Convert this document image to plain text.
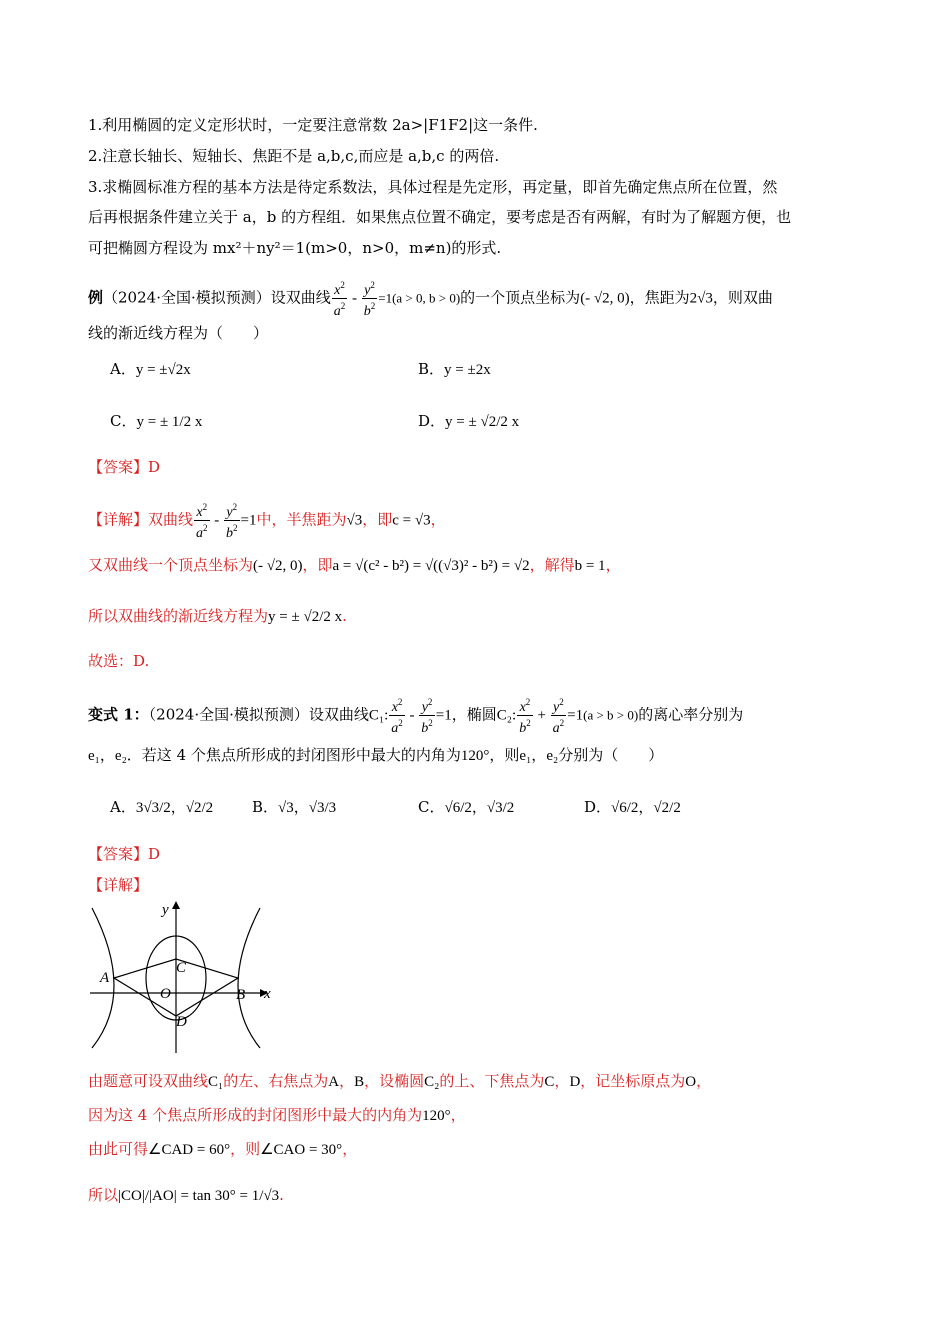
1.利用椭圆的定义定形状时，一定要注意常数 2a>|F1F2|这一条件.
2.注意长轴长、短轴长、焦距不是 a,b,c,而应是 a,b,c 的两倍.
3.求椭圆标准方程的基本方法是待定系数法，具体过程是先定形，再定量，即首先确定焦点所在位置，然
后再根据条件建立关于 a，b 的方程组．如果焦点位置不确定，要考虑是否有两解，有时为了解题方便，也
可把椭圆方程设为 mx²＋ny²＝1(m>0，n>0，m≠n)的形式.
例（2024·全国·模拟预测）设双曲线 $\frac{x^2}{a^2} - \frac{y^2}{b^2} =1(a > 0$, b > 0)的一个顶点坐标为(- √2, 0)，焦距为2√3，则双曲
线的渐近线方程为（　　）
A．y = ±√2x	B．y = ±2x
C．y = ± 1/2 x	D．y = ± √2/2 x
【答案】D
【详解】双曲线 $\frac{x^2}{a^2} - \frac{y^2}{b^2} =1$中，半焦距为√3，即c = √3，
又双曲线一个顶点坐标为(- √2, 0)，即a = √(c² - b²) = √((√3)² - b²) = √2，解得b = 1，
所以双曲线的渐近线方程为y = ± √2/2 x.
故选：D.
变式 1：（2024·全国·模拟预测）设双曲线C₁: $\frac{x^2}{a^2} - \frac{y^2}{b^2} =1$，椭圆C₂: $\frac{x^2}{b^2} + \frac{y^2}{a^2} =1(a > b > 0)$的离心率分别为
e₁，e₂．若这 4 个焦点所形成的封闭图形中最大的内角为120°，则e₁，e₂分别为（　　）
A．3√3/2，√2/2	B．√3，√3/3	C．√6/2，√3/2	D．√6/2，√2/2
【答案】D
【详解】
y
x
A
B
C
D
O
由题意可设双曲线C₁的左、右焦点为A，B，设椭圆C₂的上、下焦点为C，D，记坐标原点为O，
因为这 4 个焦点所形成的封闭图形中最大的内角为120°，
由此可得∠CAD = 60°，则∠CAO = 30°，
所以|CO|/|AO| = tan 30° = 1/√3.
